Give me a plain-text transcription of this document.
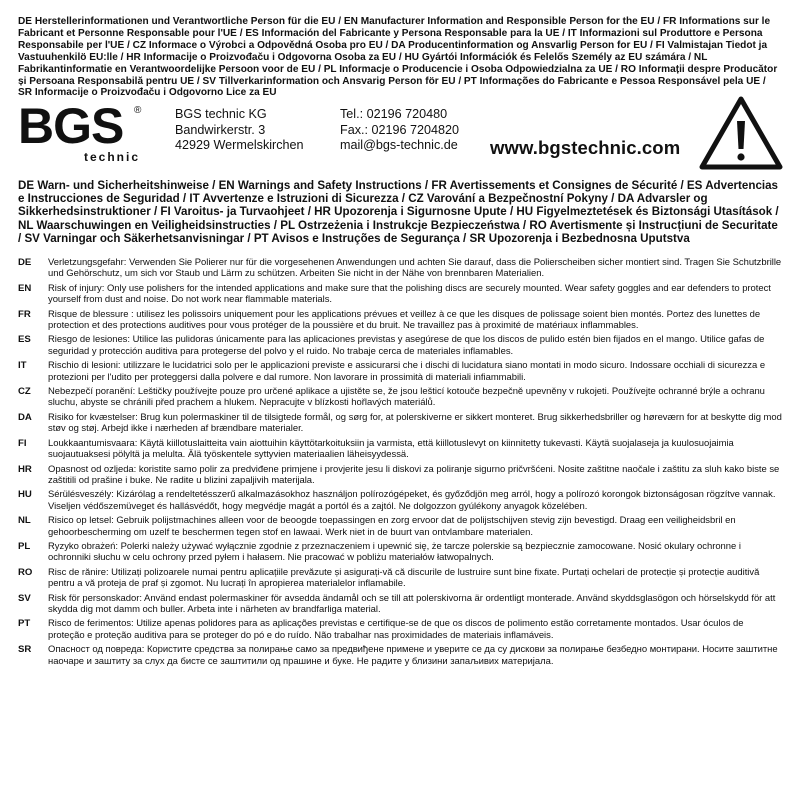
DE Herstellerinformationen und Verantwortliche Person für die EU / EN Manufacturer Information and Responsible Person for the EU / FR Informations sur le Fabricant et Personne Responsable pour l'UE / ES Información del Fabricante y Persona Responsable para la UE / IT Informazioni sul Produttore e Persona Responsabile per l'UE / CZ Informace o Výrobci a Odpovědná Osoba pro EU / DA Producentinformation og Ansvarlig Person for EU / FI Valmistajan Tiedot ja Vastuuhenkilö EU:lle / HR Informacije o Proizvođaču i Odgovorna Osoba za EU / HU Gyártói Információk és Felelős Személy az EU számára / NL Fabrikantinformatie en Verantwoordelijke Persoon voor de EU / PL Informacje o Producencie i Osoba Odpowiedzialna za UE / RO Informații despre Producător și Persoana Responsabilă pentru UE / SV Tillverkarinformation och Ansvarig Person för EU / PT Informações do Fabricante e Pessoa Responsável pela UE / SR Informacije o Proizvođaču i Odgovorno Lice za EU
BGS ®
technic
BGS technic KG
Bandwirkerstr. 3
42929 Wermelskirchen
Tel.: 02196 720480
Fax.: 02196 7204820
mail@bgs-technic.de www.bgstechnic.com
DE Warn- und Sicherheitshinweise / EN Warnings and Safety Instructions / FR Avertissements et Consignes de Sécurité / ES Advertencias e Instrucciones de Seguridad / IT Avvertenze e Istruzioni di Sicurezza / CZ Varování a Bezpečnostní Pokyny / DA Advarsler og Sikkerhedsinstruktioner / FI Varoitus- ja Turvaohjeet / HR Upozorenja i Sigurnosne Upute / HU Figyelmeztetések és Biztonsági Utasítások / NL Waarschuwingen en Veiligheidsinstructies / PL Ostrzeżenia i Instrukcje Bezpieczeństwa / RO Avertismente și Instrucțiuni de Securitate / SV Varningar och Säkerhetsanvisningar / PT Avisos e Instruções de Segurança / SR Upozorenja i Bezbednosna Uputstva
DE	Verletzungsgefahr: Verwenden Sie Polierer nur für die vorgesehenen Anwendungen und achten Sie darauf, dass die Polierscheiben sicher montiert sind. Tragen Sie Schutzbrille und Gehörschutz, um sich vor Staub und Lärm zu schützen. Arbeiten Sie nicht in der Nähe von brennbaren Materialien.
EN	Risk of injury: Only use polishers for the intended applications and make sure that the polishing discs are securely mounted. Wear safety goggles and ear defenders to protect yourself from dust and noise. Do not work near flammable materials.
FR	Risque de blessure : utilisez les polissoirs uniquement pour les applications prévues et veillez à ce que les disques de polissage soient bien montés. Portez des lunettes de protection et des protections auditives pour vous protéger de la poussière et du bruit. Ne travaillez pas à proximité de matériaux inflammables.
ES	Riesgo de lesiones: Utilice las pulidoras únicamente para las aplicaciones previstas y asegúrese de que los discos de pulido estén bien fijados en el mango. Utilice gafas de seguridad y protección auditiva para protegerse del polvo y el ruido. No trabaje cerca de materiales inflamables.
IT	Rischio di lesioni: utilizzare le lucidatrici solo per le applicazioni previste e assicurarsi che i dischi di lucidatura siano montati in modo sicuro. Indossare occhiali di sicurezza e protezioni per l'udito per proteggersi dalla polvere e dal rumore. Non lavorare in prossimità di materiali infiammabili.
CZ	Nebezpečí poranění: Leštičky používejte pouze pro určené aplikace a ujistěte se, že jsou lešticí kotouče bezpečně upevněny v rukojeti. Používejte ochranné brýle a ochranu sluchu, abyste se chránili před prachem a hlukem. Nepracujte v blízkosti hořlavých materiálů.
DA	Risiko for kvæstelser: Brug kun polermaskiner til de tilsigtede formål, og sørg for, at polerskiverne er sikkert monteret. Brug sikkerhedsbriller og høreværn for at beskytte dig mod støv og støj. Arbejd ikke i nærheden af brændbare materialer.
FI	Loukkaantumisvaara: Käytä kiillotuslaitteita vain aiottuihin käyttötarkoituksiin ja varmista, että kiillotuslevyt on kiinnitetty tukevasti. Käytä suojalaseja ja kuulosuojaimia suojautuaksesi pölyltä ja melulta. Älä työskentele syttyvien materiaalien läheisyydessä.
HR	Opasnost od ozljeda: koristite samo polir za predviđene primjene i provjerite jesu li diskovi za poliranje sigurno pričvršćeni. Nosite zaštitne naočale i zaštitu za sluh kako biste se zaštitili od prašine i buke. Ne radite u blizini zapaljivih materijala.
HU	Sérülésveszély: Kizárólag a rendeltetésszerű alkalmazásokhoz használjon polírozógépeket, és győződjön meg arról, hogy a polírozó korongok biztonságosan rögzítve vannak. Viseljen védőszemüveget és hallásvédőt, hogy megvédje magát a portól és a zajtól. Ne dolgozzon gyúlékony anyagok közelében.
NL	Risico op letsel: Gebruik polijstmachines alleen voor de beoogde toepassingen en zorg ervoor dat de polijstschijven stevig zijn bevestigd. Draag een veiligheidsbril en gehoorbescherming om uzelf te beschermen tegen stof en lawaai. Werk niet in de buurt van ontvlambare materialen.
PL	Ryzyko obrażeń: Polerki należy używać wyłącznie zgodnie z przeznaczeniem i upewnić się, że tarcze polerskie są bezpiecznie zamocowane. Nosić okulary ochronne i ochronniki słuchu w celu ochrony przed pyłem i hałasem. Nie pracować w pobliżu materiałów łatwopalnych.
RO	Risc de rănire: Utilizați polizoarele numai pentru aplicațiile prevăzute și asigurați-vă că discurile de lustruire sunt bine fixate. Purtați ochelari de protecție și protecție auditivă pentru a vă proteja de praf și zgomot. Nu lucrați în apropierea materialelor inflamabile.
SV	Risk för personskador: Använd endast polermaskiner för avsedda ändamål och se till att polerskivorna är ordentligt monterade. Använd skyddsglasögon och hörselskydd för att skydda dig mot damm och buller. Arbeta inte i närheten av brandfarliga material.
PT	Risco de ferimentos: Utilize apenas polidores para as aplicações previstas e certifique-se de que os discos de polimento estão corretamente montados. Usar óculos de proteção e proteção auditiva para se proteger do pó e do ruído. Não trabalhar nas proximidades de materiais inflamáveis.
SR	Опасност од повреда: Користите средства за полирање само за предвиђене примене и уверите се да су дискови за полирање безбедно монтирани. Носите заштитне наочаре и заштиту за слух да бисте се заштитили од прашине и буке. Не радите у близини запаљивих материјала.
